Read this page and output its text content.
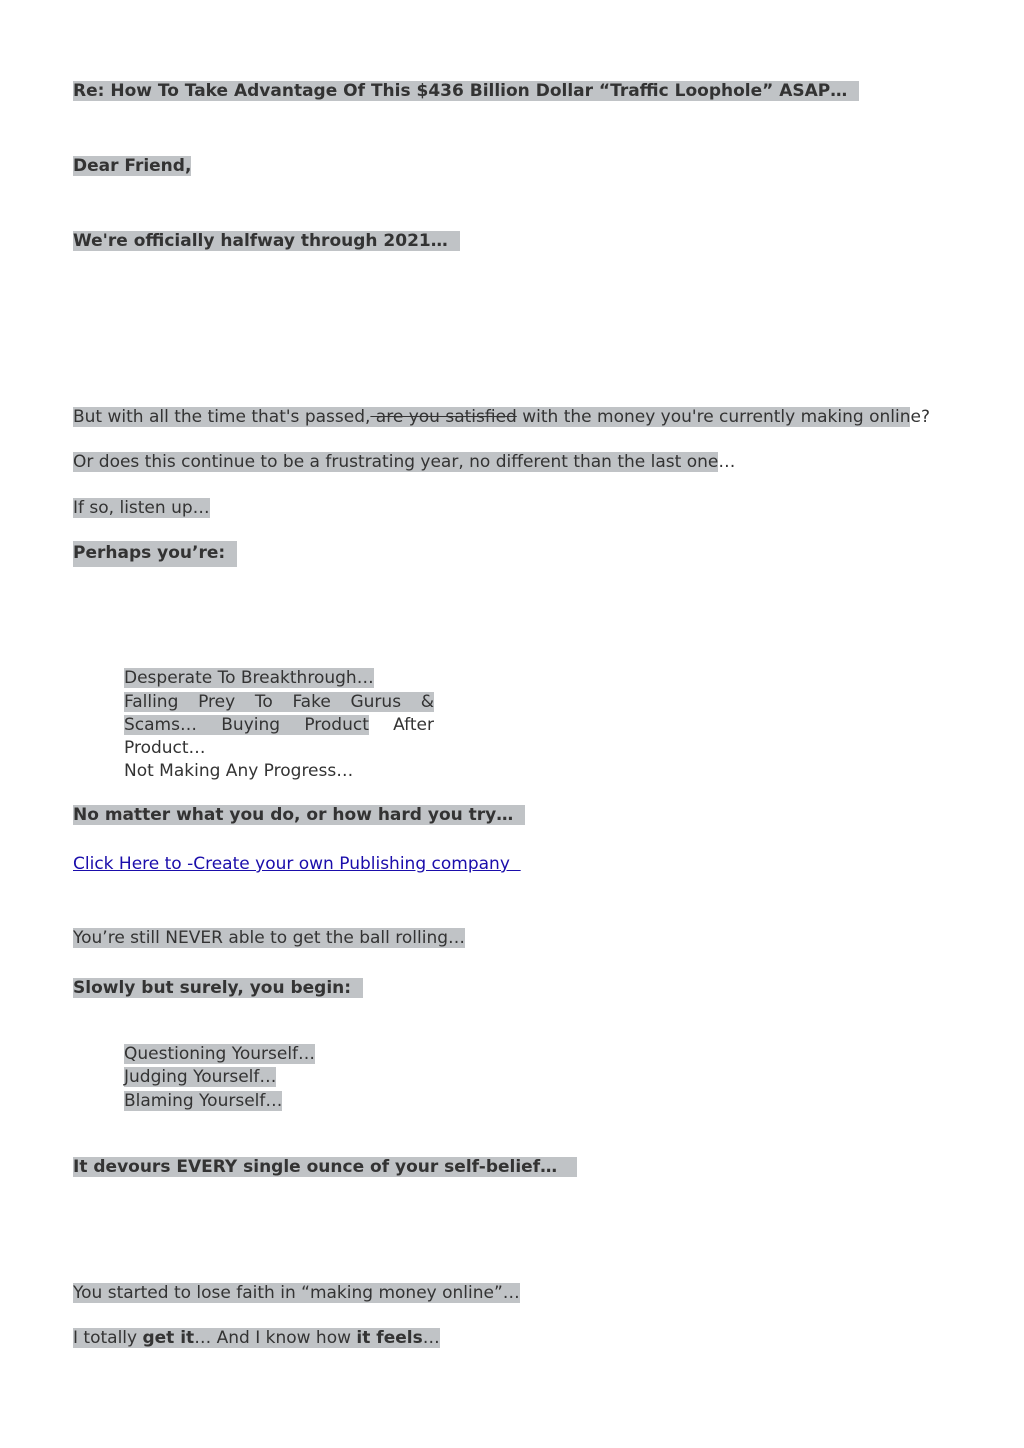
Re: How To Take Advantage Of This $436 Billion Dollar “Traffic Loophole” ASAP…
Dear Friend,
We're officially halfway through 2021…
But with all the time that's passed, are you satisfied with the money you're currently making online?
Or does this continue to be a frustrating year, no different than the last one…
If so, listen up…
Perhaps you’re:
Desperate To Breakthrough…
Falling Prey To Fake Gurus & Scams… Buying Product After Product…
Not Making Any Progress…
No matter what you do, or how hard you try…
Click Here to -Create your own Publishing company
You’re still NEVER able to get the ball rolling…
Slowly but surely, you begin:
Questioning Yourself…
Judging Yourself…
Blaming Yourself…
It devours EVERY single ounce of your self-belief…
You started to lose faith in “making money online”…
I totally get it… And I know how it feels…
